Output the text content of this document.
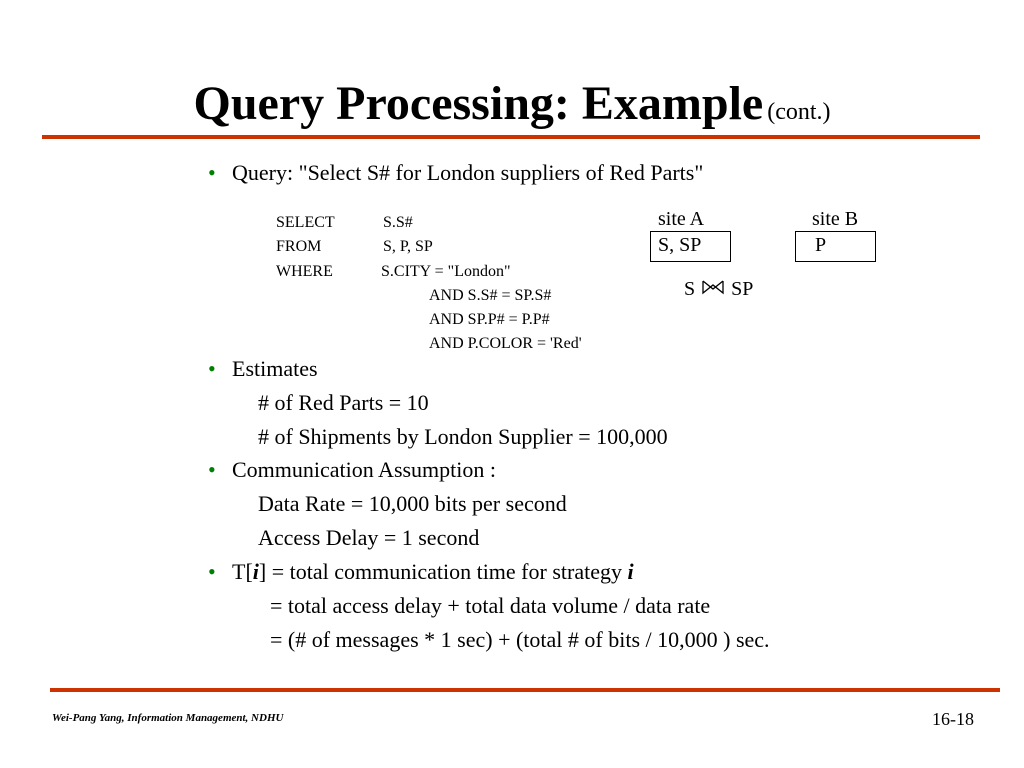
Query Processing: Example (cont.)
• Query: "Select S# for London suppliers of Red Parts"
SELECT	S.S#
FROM	S, P, SP
WHERE	S.CITY = "London"
AND S.S# = SP.S#
AND SP.P# = P.P#
AND P.COLOR = 'Red'
site A	site B
S, SP	P
S SP
• Estimates
# of Red Parts = 10
# of Shipments by London Supplier = 100,000
• Communication Assumption :
Data Rate = 10,000 bits per second
Access Delay = 1 second
• T[i] = total communication time for strategy i
= total access delay + total data volume / data rate
= (# of messages * 1 sec) + (total # of bits / 10,000 ) sec.
Wei-Pang Yang, Information Management, NDHU	16-18
